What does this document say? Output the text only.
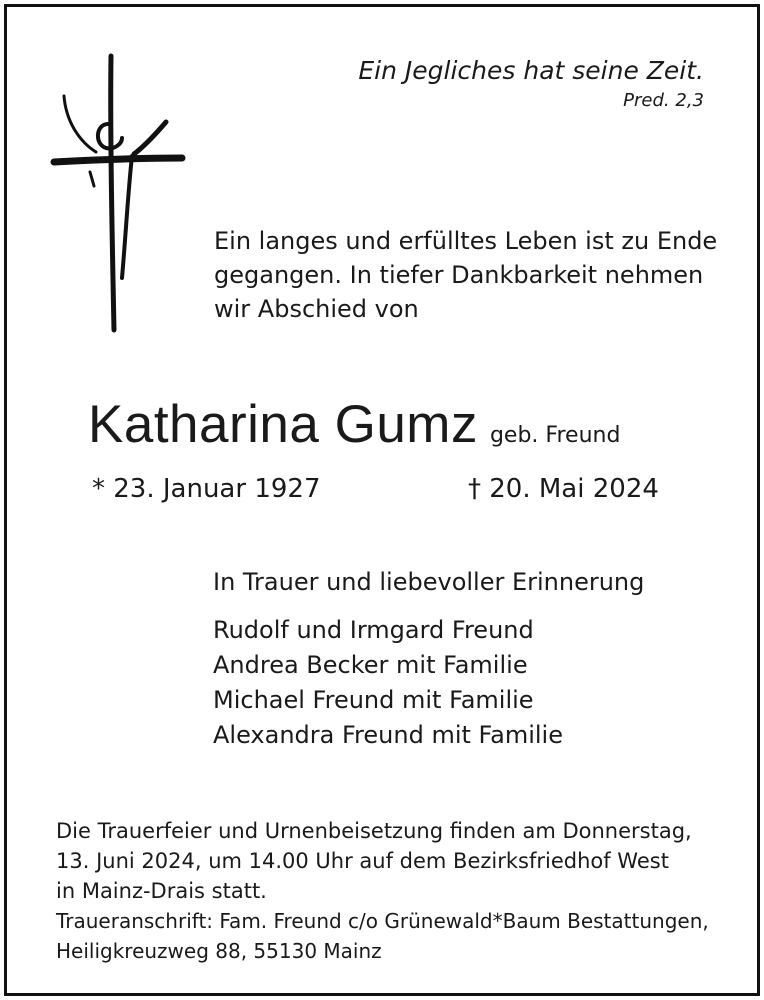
Ein Jegliches hat seine Zeit.
Pred. 2,3
Ein langes und erfülltes Leben ist zu Ende gegangen. In tiefer Dankbarkeit nehmen wir Abschied von
Katharina Gumz geb. Freund
* 23. Januar 1927	† 20. Mai 2024
In Trauer und liebevoller Erinnerung
Rudolf und Irmgard Freund
Andrea Becker mit Familie
Michael Freund mit Familie
Alexandra Freund mit Familie
Die Trauerfeier und Urnenbeisetzung finden am Donnerstag,
13. Juni 2024, um 14.00 Uhr auf dem Bezirksfriedhof West
in Mainz-Drais statt.
Traueranschrift: Fam. Freund c/o Grünewald*Baum Bestattungen,
Heiligkreuzweg 88, 55130 Mainz
